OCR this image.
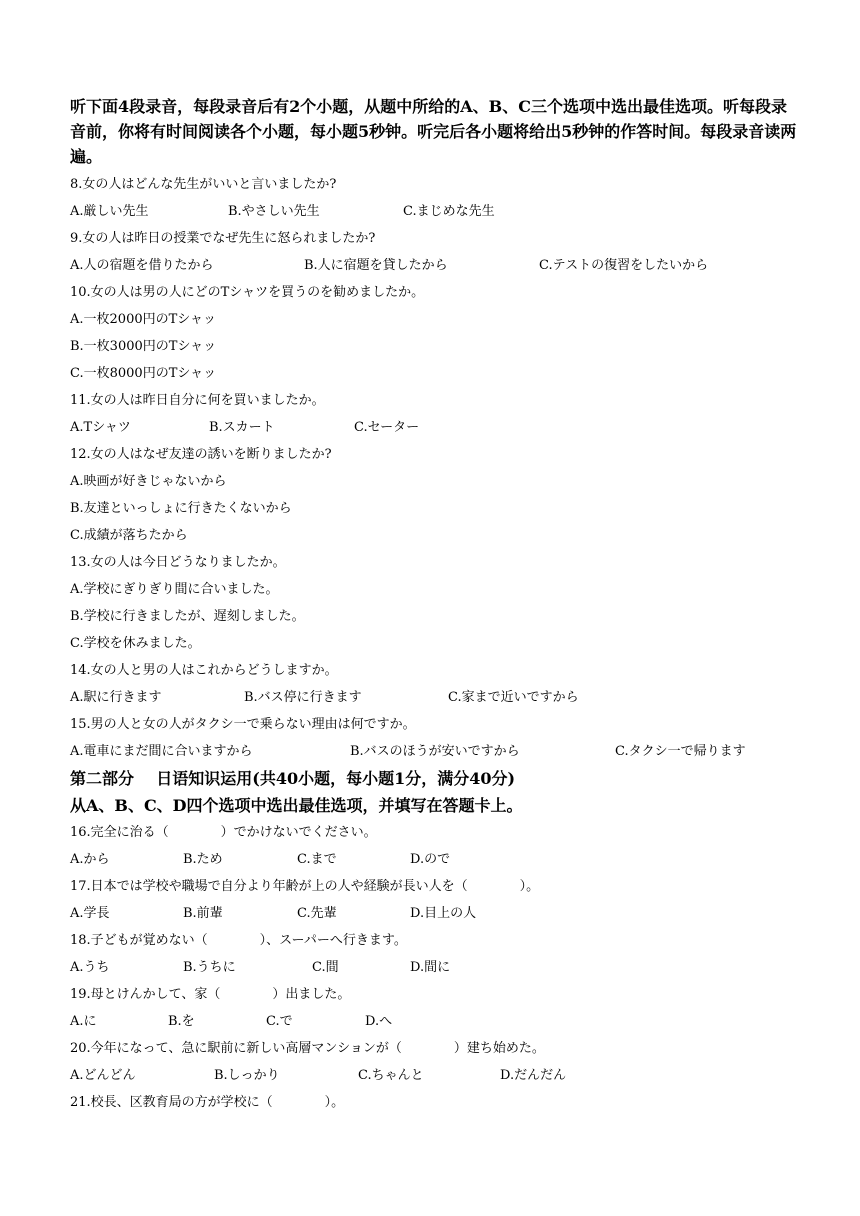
听下面4段录音，每段录音后有2个小题，从题中所给的A、B、C三个选项中选出最佳选项。听每段录音前，你将有时间阅读各个小题，每小题5秒钟。听完后各小题将给出5秒钟的作答时间。每段录音读两遍。
8.女の人はどんな先生がいいと言いましたか?
A.厳しい先生	B.やさしい先生	C.まじめな先生
9.女の人は昨日の授業でなぜ先生に怒られましたか?
A.人の宿題を借りたから	B.人に宿題を貸したから	C.テストの復習をしたいから
10.女の人は男の人にどのTシャツを買うのを勧めましたか。
A.一枚2000円のTシャッ
B.一枚3000円のTシャッ
C.一枚8000円のTシャッ
11.女の人は昨日自分に何を買いましたか。
A.Tシャツ	B.スカート	C.セーター
12.女の人はなぜ友達の誘いを断りましたか?
A.映画が好きじゃないから
B.友達といっしょに行きたくないから
C.成績が落ちたから
13.女の人は今日どうなりましたか。
A.学校にぎりぎり間に合いました。
B.学校に行きましたが、遅刻しました。
C.学校を休みました。
14.女の人と男の人はこれからどうしますか。
A.駅に行きます	B.バス停に行きます	C.家まで近いですから
15.男の人と女の人がタクシ一で乗らない理由は何ですか。
A.電車にまだ間に合いますから	B.バスのほうが安いですから	C.タクシ一で帰ります
第二部分    日语知识运用(共40小题，每小题1分，满分40分)
从A、B、C、D四个选项中选出最佳选项，并填写在答题卡上。
16.完全に治る（　　　　）でかけないでください。
A.から	B.ため	C.まで	D.ので
17.日本では学校や職場で自分より年齢が上の人や経験が長い人を（　　　　）。
A.学長	B.前輩	C.先輩	D.目上の人
18.子どもが覚めない（　　　　）、スーパーへ行きます。
A.うち	B.うちに	C.間	D.間に
19.母とけんかして、家（　　　　）出ました。
A.に	B.を	C.で	D.へ
20.今年になって、急に駅前に新しい高層マンションが（　　　　）建ち始めた。
A.どんどん	B.しっかり	C.ちゃんと	D.だんだん
21.校長、区教育局の方が学校に（　　　　）。
